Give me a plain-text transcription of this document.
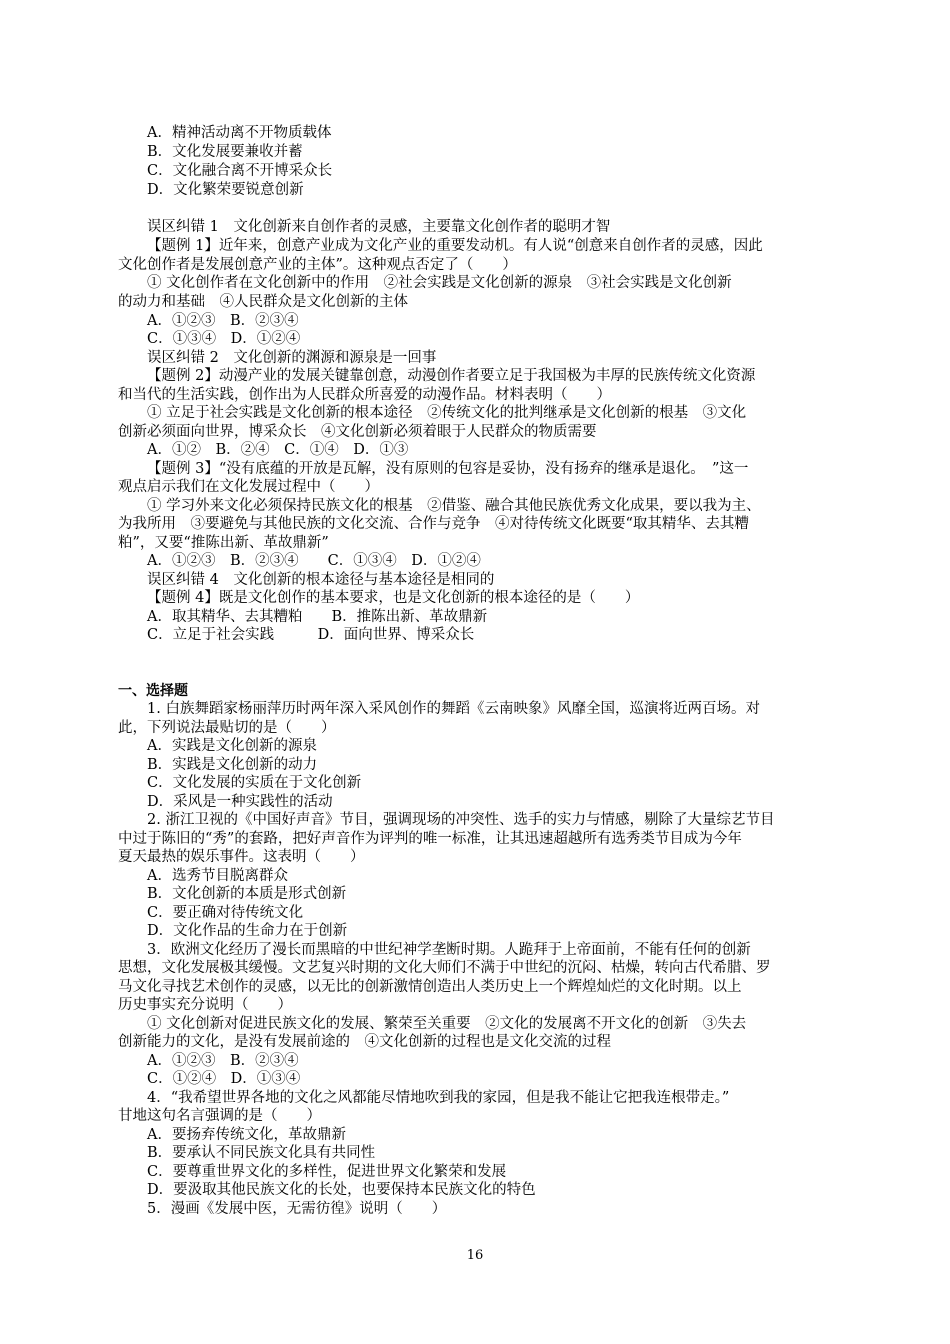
A．精神活动离不开物质载体
B．文化发展要兼收并蓄
C．文化融合离不开博采众长
D．文化繁荣要锐意创新
误区纠错 1　文化创新来自创作者的灵感，主要靠文化创作者的聪明才智
【题例 1】近年来，创意产业成为文化产业的重要发动机。有人说“创意来自创作者的灵感，因此
文化创作者是发展创意产业的主体”。这种观点否定了（　　）
① 文化创作者在文化创新中的作用　②社会实践是文化创新的源泉　③社会实践是文化创新
的动力和基础　④人民群众是文化创新的主体
A．①②③　B．②③④
C．①③④　D．①②④
误区纠错 2　文化创新的渊源和源泉是一回事
【题例 2】动漫产业的发展关键靠创意，动漫创作者要立足于我国极为丰厚的民族传统文化资源
和当代的生活实践，创作出为人民群众所喜爱的动漫作品。材料表明（　　）
① 立足于社会实践是文化创新的根本途径　②传统文化的批判继承是文化创新的根基　③文化
创新必须面向世界，博采众长　④文化创新必须着眼于人民群众的物质需要
A．①②　B．②④　C．①④　D．①③
【题例 3】“没有底蕴的开放是瓦解，没有原则的包容是妥协，没有扬弃的继承是退化。　”这一
观点启示我们在文化发展过程中（　　）
① 学习外来文化必须保持民族文化的根基　②借鉴、融合其他民族优秀文化成果，要以我为主、
为我所用　③要避免与其他民族的文化交流、合作与竞争　④对待传统文化既要“取其精华、去其糟
粕”，又要“推陈出新、革故鼎新”
A．①②③　B．②③④　　C．①③④　D．①②④
误区纠错 4　文化创新的根本途径与基本途径是相同的
【题例 4】既是文化创作的基本要求，也是文化创新的根本途径的是（　　）
A．取其精华、去其糟粕　　B．推陈出新、革故鼎新
C．立足于社会实践　　　D．面向世界、博采众长
一、选择题
1. 白族舞蹈家杨丽萍历时两年深入采风创作的舞蹈《云南映象》风靡全国，巡演将近两百场。对
此，下列说法最贴切的是（　　）
A．实践是文化创新的源泉
B．实践是文化创新的动力
C．文化发展的实质在于文化创新
D．采风是一种实践性的活动
2. 浙江卫视的《中国好声音》节目，强调现场的冲突性、选手的实力与情感，剔除了大量综艺节目
中过于陈旧的“秀”的套路，把好声音作为评判的唯一标准，让其迅速超越所有选秀类节目成为今年
夏天最热的娱乐事件。这表明（　　）
A．选秀节目脱离群众
B．文化创新的本质是形式创新
C．要正确对待传统文化
D．文化作品的生命力在于创新
3．欧洲文化经历了漫长而黑暗的中世纪神学垄断时期。人跪拜于上帝面前，不能有任何的创新
思想，文化发展极其缓慢。文艺复兴时期的文化大师们不满于中世纪的沉闷、枯燥，转向古代希腊、罗
马文化寻找艺术创作的灵感，以无比的创新激情创造出人类历史上一个辉煌灿烂的文化时期。以上
历史事实充分说明（　　）
① 文化创新对促进民族文化的发展、繁荣至关重要　②文化的发展离不开文化的创新　③失去
创新能力的文化，是没有发展前途的　④文化创新的过程也是文化交流的过程
A．①②③　B．②③④
C．①②④　D．①③④
4．“我希望世界各地的文化之风都能尽情地吹到我的家园，但是我不能让它把我连根带走。”
甘地这句名言强调的是（　　）
A．要扬弃传统文化，革故鼎新
B．要承认不同民族文化具有共同性
C．要尊重世界文化的多样性，促进世界文化繁荣和发展
D．要汲取其他民族文化的长处，也要保持本民族文化的特色
5．漫画《发展中医，无需彷徨》说明（　　）
16
